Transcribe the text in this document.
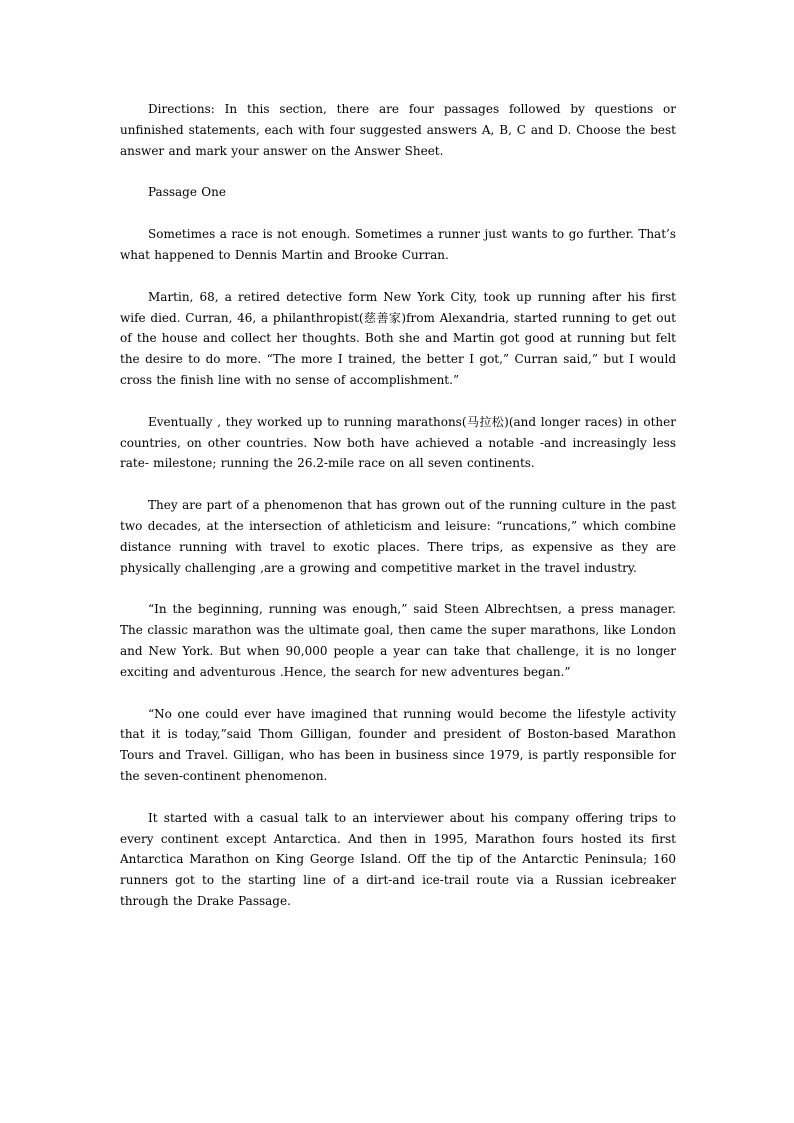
Directions: In this section, there are four passages followed by questions or unfinished statements, each with four suggested answers A, B, C and D. Choose the best answer and mark your answer on the Answer Sheet.

Passage One

Sometimes a race is not enough. Sometimes a runner just wants to go further. That’s what happened to Dennis Martin and Brooke Curran.

Martin, 68, a retired detective form New York City, took up running after his first wife died. Curran, 46, a philanthropist(慈善家)from Alexandria, started running to get out of the house and collect her thoughts. Both she and Martin got good at running but felt the desire to do more. “The more I trained, the better I got,” Curran said,” but I would cross the finish line with no sense of accomplishment.”

Eventually , they worked up to running marathons(马拉松)(and longer races) in other countries, on other countries. Now both have achieved a notable -and increasingly less rate- milestone; running the 26.2-mile race on all seven continents.

They are part of a phenomenon that has grown out of the running culture in the past two decades, at the intersection of athleticism and leisure: “runcations,” which combine distance running with travel to exotic places. There trips, as expensive as they are physically challenging ,are a growing and competitive market in the travel industry.

“In the beginning, running was enough,” said Steen Albrechtsen, a press manager. The classic marathon was the ultimate goal, then came the super marathons, like London and New York. But when 90,000 people a year can take that challenge, it is no longer exciting and adventurous .Hence, the search for new adventures began.”

“No one could ever have imagined that running would become the lifestyle activity that it is today,”said Thom Gilligan, founder and president of Boston-based Marathon Tours and Travel. Gilligan, who has been in business since 1979, is partly responsible for the seven-continent phenomenon.

It started with a casual talk to an interviewer about his company offering trips to every continent except Antarctica. And then in 1995, Marathon fours hosted its first Antarctica Marathon on King George Island. Off the tip of the Antarctic Peninsula; 160 runners got to the starting line of a dirt-and ice-trail route via a Russian icebreaker through the Drake Passage.
